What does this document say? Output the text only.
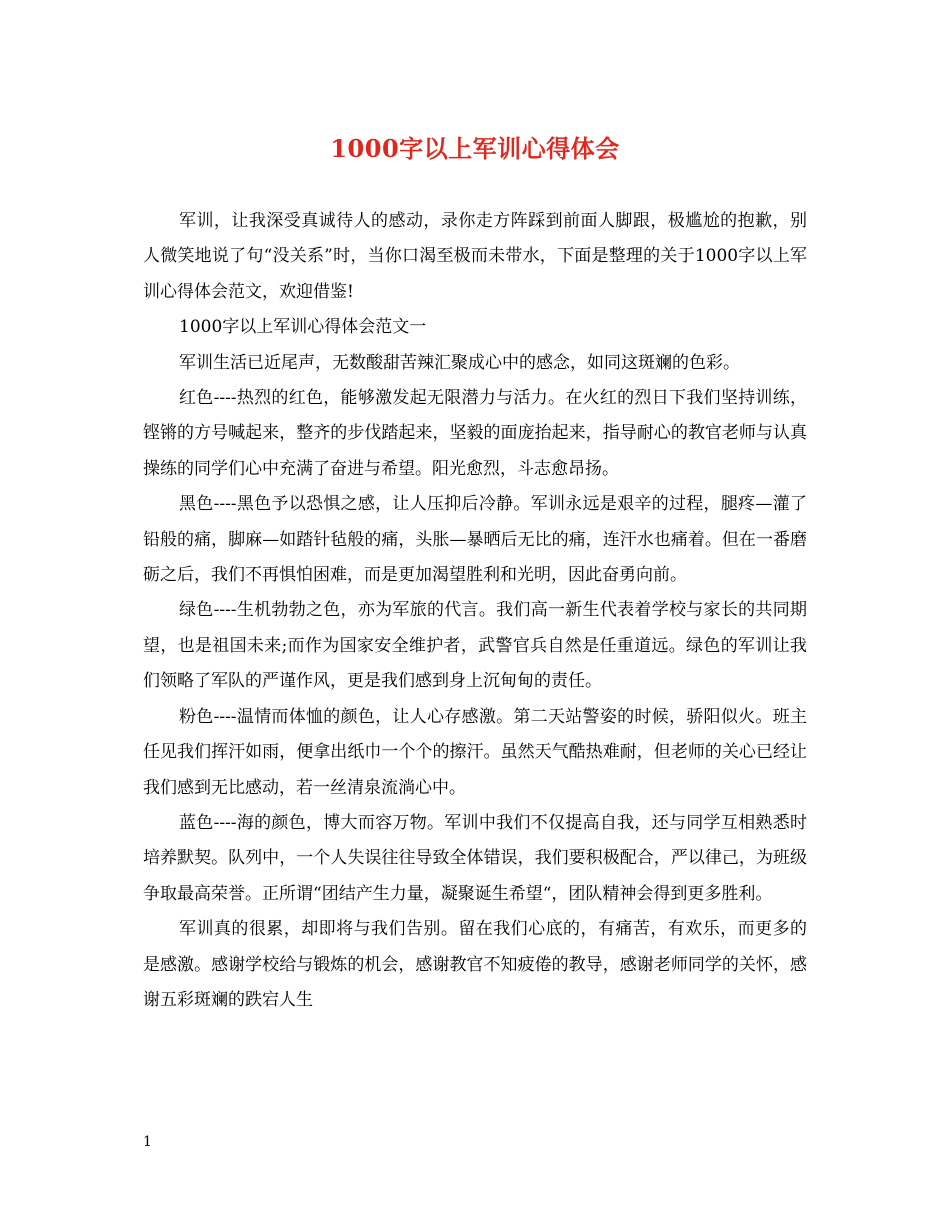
1000字以上军训心得体会

军训，让我深受真诚待人的感动，录你走方阵踩到前面人脚跟，极尴尬的抱歉，别人微笑地说了句“没关系”时，当你口渴至极而未带水，下面是整理的关于1000字以上军训心得体会范文，欢迎借鉴!

1000字以上军训心得体会范文一

军训生活已近尾声，无数酸甜苦辣汇聚成心中的感念，如同这斑斓的色彩。

红色----热烈的红色，能够激发起无限潜力与活力。在火红的烈日下我们坚持训练，铿锵的方号喊起来，整齐的步伐踏起来，坚毅的面庞抬起来，指导耐心的教官老师与认真操练的同学们心中充满了奋进与希望。阳光愈烈，斗志愈昂扬。

黑色----黑色予以恐惧之感，让人压抑后冷静。军训永远是艰辛的过程，腿疼—灌了铅般的痛，脚麻—如踏针毡般的痛，头胀—暴晒后无比的痛，连汗水也痛着。但在一番磨砺之后，我们不再惧怕困难，而是更加渴望胜利和光明，因此奋勇向前。

绿色----生机勃勃之色，亦为军旅的代言。我们高一新生代表着学校与家长的共同期望，也是祖国未来;而作为国家安全维护者，武警官兵自然是任重道远。绿色的军训让我们领略了军队的严谨作风，更是我们感到身上沉甸甸的责任。

粉色----温情而体恤的颜色，让人心存感激。第二天站警姿的时候，骄阳似火。班主任见我们挥汗如雨，便拿出纸巾一个个的擦汗。虽然天气酷热难耐，但老师的关心已经让我们感到无比感动，若一丝清泉流淌心中。

蓝色----海的颜色，博大而容万物。军训中我们不仅提高自我，还与同学互相熟悉时培养默契。队列中，一个人失误往往导致全体错误，我们要积极配合，严以律己，为班级争取最高荣誉。正所谓“团结产生力量，凝聚诞生希望“，团队精神会得到更多胜利。

军训真的很累，却即将与我们告别。留在我们心底的，有痛苦，有欢乐，而更多的是感激。感谢学校给与锻炼的机会，感谢教官不知疲倦的教导，感谢老师同学的关怀，感谢五彩斑斓的跌宕人生

1
